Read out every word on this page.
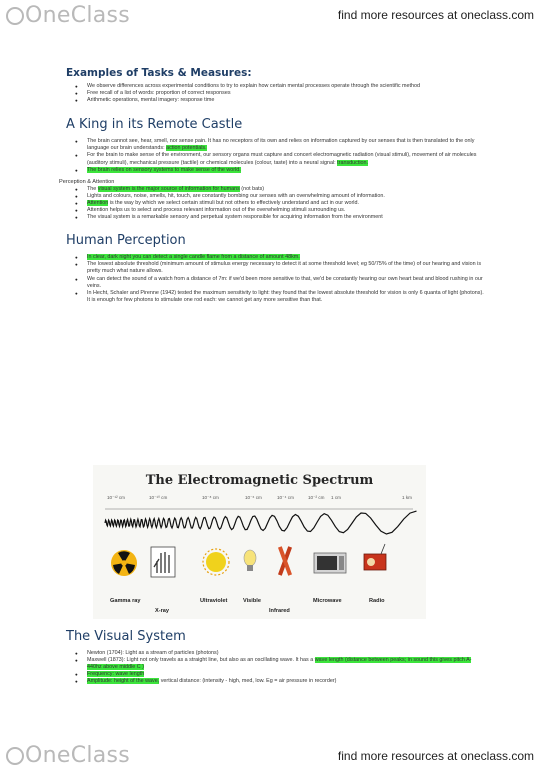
OneClass	find more resources at oneclass.com
Examples of Tasks & Measures:
● We observe differences across experimental conditions to try to explain how certain mental processes operate through the scientific method
● Free recall of a list of words: proportion of correct responses
● Arithmetic operations, mental imagery: response time
A King in its Remote Castle
● The brain cannot see, hear, smell, nor sense pain. It has no receptors of its own and relies on information captured by our senses that is then translated to the only language our brain understands: action potentials.
● For the brain to make sense of the environment, our sensory organs must capture and concert electromagnetic radiation (visual stimuli), movement of air molecules (auditory stimuli), mechanical pressure (tactile) or chemical molecules (colour, taste) into a neural signal: transduction.
● The brain relies on sensory systems to make sense of the world.
Perception & Attention
● The visual system is the major source of information for humans (not bats)
● Lights and colours, noise, smells, hit, touch, are constantly bombing our senses with an overwhelming amount of information.
● Attention is the way by which we select certain stimuli but not others to effectively understand and act in our world.
● Attention helps us to select and process relevant information out of the overwhelming stimuli surrounding us.
● The visual system is a remarkable sensory and perpetual system responsible for acquiring information from the environment
Human Perception
● In clear, dark night you can detect a single candle flame from a distance of amount 48km.
● The lowest absolute threshold (minimum amount of stimulus energy necessary to detect it at some threshold level; eg 50/75% of the time) of our hearing and vision is pretty much what nature allows.
● We can detect the sound of a watch from a distance of 7m: if we'd been more sensitive to that, we'd be constantly hearing our own heart beat and blood rushing in our veins.
● In Hecht, Schaler and Pirenne (1942) tested the maximum sensitivity to light: they found that the lowest absolute threshold for vision is only 6 quanta of light (photons). It is enough for few photons to stimulate one rod each: we cannot get any more sensitive than that.
The Electromagnetic Spectrum
10⁻¹² cm	10⁻¹⁰ cm	10⁻⁸ cm	10⁻⁶ cm	10⁻⁴ cm	10⁻² cm 1 cm	1 km
Gamma ray
X-ray
Ultraviolet	Visible
Infrared
Microwave	Radio
The Visual System
● Newton (1704): Light as a stream of particles (photons)
● Maxwell (1873): Light not only travels as a straight line, but also as an oscillating wave. It has a wave length (distance between peaks; in sound this gives pitch A-440hz above middle C )
● Frequency: wave length
● Amplitude: height of the wave, vertical distance: (intensity - high, med, low. Eg = air pressure in recorder)
OneClass	find more resources at oneclass.com
